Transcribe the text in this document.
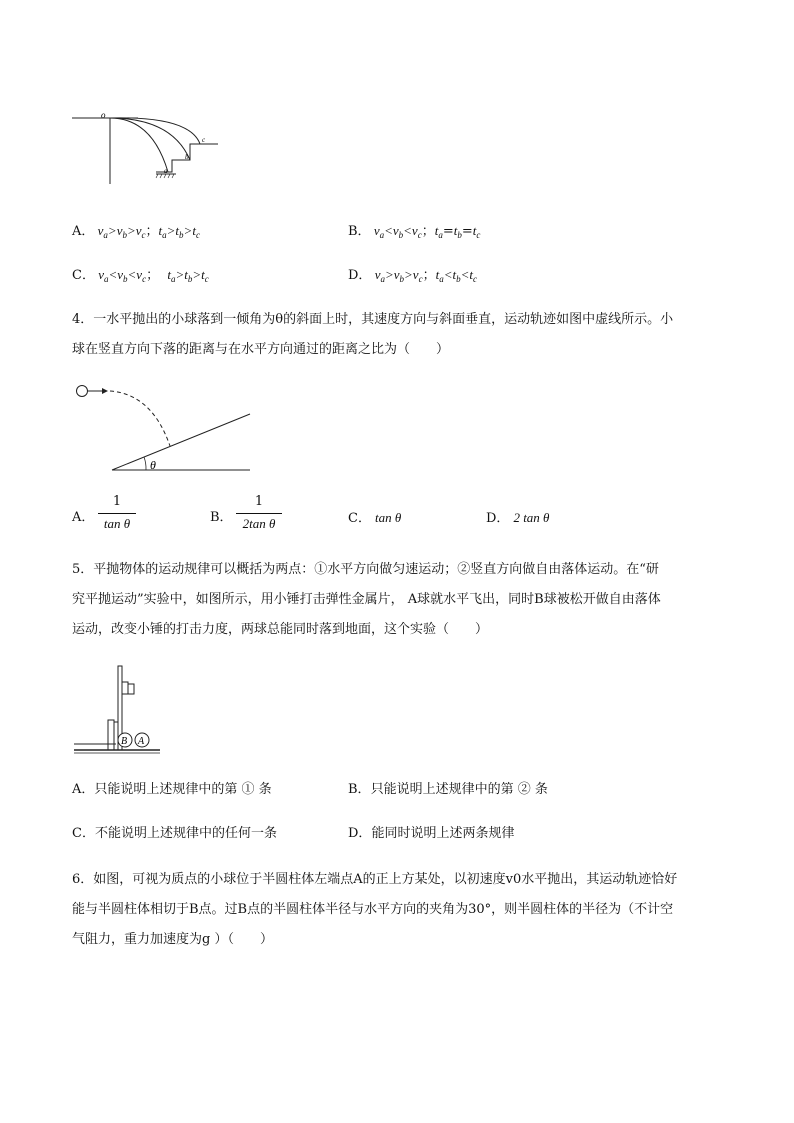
o
a
b
c
A． $v_a>v_b>v_c$；$t_a>t_b>t_c$	B． $v_a<v_b<v_c$；$t_a=t_b=t_c$
C． $v_a<v_b<v_c$；  $t_a>t_b>t_c$	D． $v_a>v_b>v_c$；$t_a<t_b<t_c$
4．一水平抛出的小球落到一倾角为θ的斜面上时，其速度方向与斜面垂直，运动轨迹如图中虚线所示。小
球在竖直方向下落的距离与在水平方向通过的距离之比为（　　）
θ
A．
1
tan θ	B．
1
2tan θ	C． tan θ	D． 2 tan θ
5．平抛物体的运动规律可以概括为两点：①水平方向做匀速运动；②竖直方向做自由落体运动。在“研
究平抛运动”实验中，如图所示，用小锤打击弹性金属片， A球就水平飞出，同时B球被松开做自由落体
运动，改变小锤的打击力度，两球总能同时落到地面，这个实验（　　）
B A
A．只能说明上述规律中的第 ① 条	B．只能说明上述规律中的第 ② 条
C．不能说明上述规律中的任何一条	D．能同时说明上述两条规律
6．如图，可视为质点的小球位于半圆柱体左端点A的正上方某处，以初速度v0水平抛出，其运动轨迹恰好
能与半圆柱体相切于B点。过B点的半圆柱体半径与水平方向的夹角为30°，则半圆柱体的半径为（不计空
气阻力，重力加速度为g ）（　　）
